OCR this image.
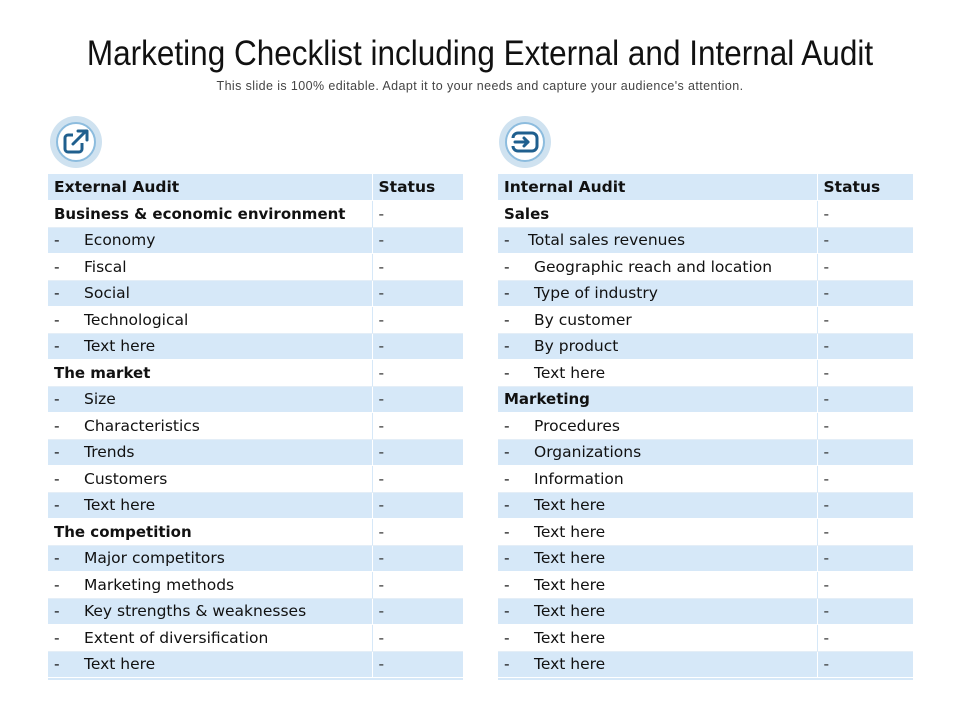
Marketing Checklist including External and Internal Audit
This slide is 100% editable. Adapt it to your needs and capture your audience's attention.
External Audit	Status
Business & economic environment	-
- Economy	-
- Fiscal	-
- Social	-
- Technological	-
- Text here	-
The market	-
- Size	-
- Characteristics	-
- Trends	-
- Customers	-
- Text here	-
The competition	-
- Major competitors	-
- Marketing methods	-
- Key strengths & weaknesses	-
- Extent of diversification	-
- Text here	-
Internal Audit	Status
Sales	-
- Total sales revenues	-
- Geographic reach and location	-
- Type of industry	-
- By customer	-
- By product	-
- Text here	-
Marketing	-
- Procedures	-
- Organizations	-
- Information	-
- Text here	-
- Text here	-
- Text here	-
- Text here	-
- Text here	-
- Text here	-
- Text here	-
